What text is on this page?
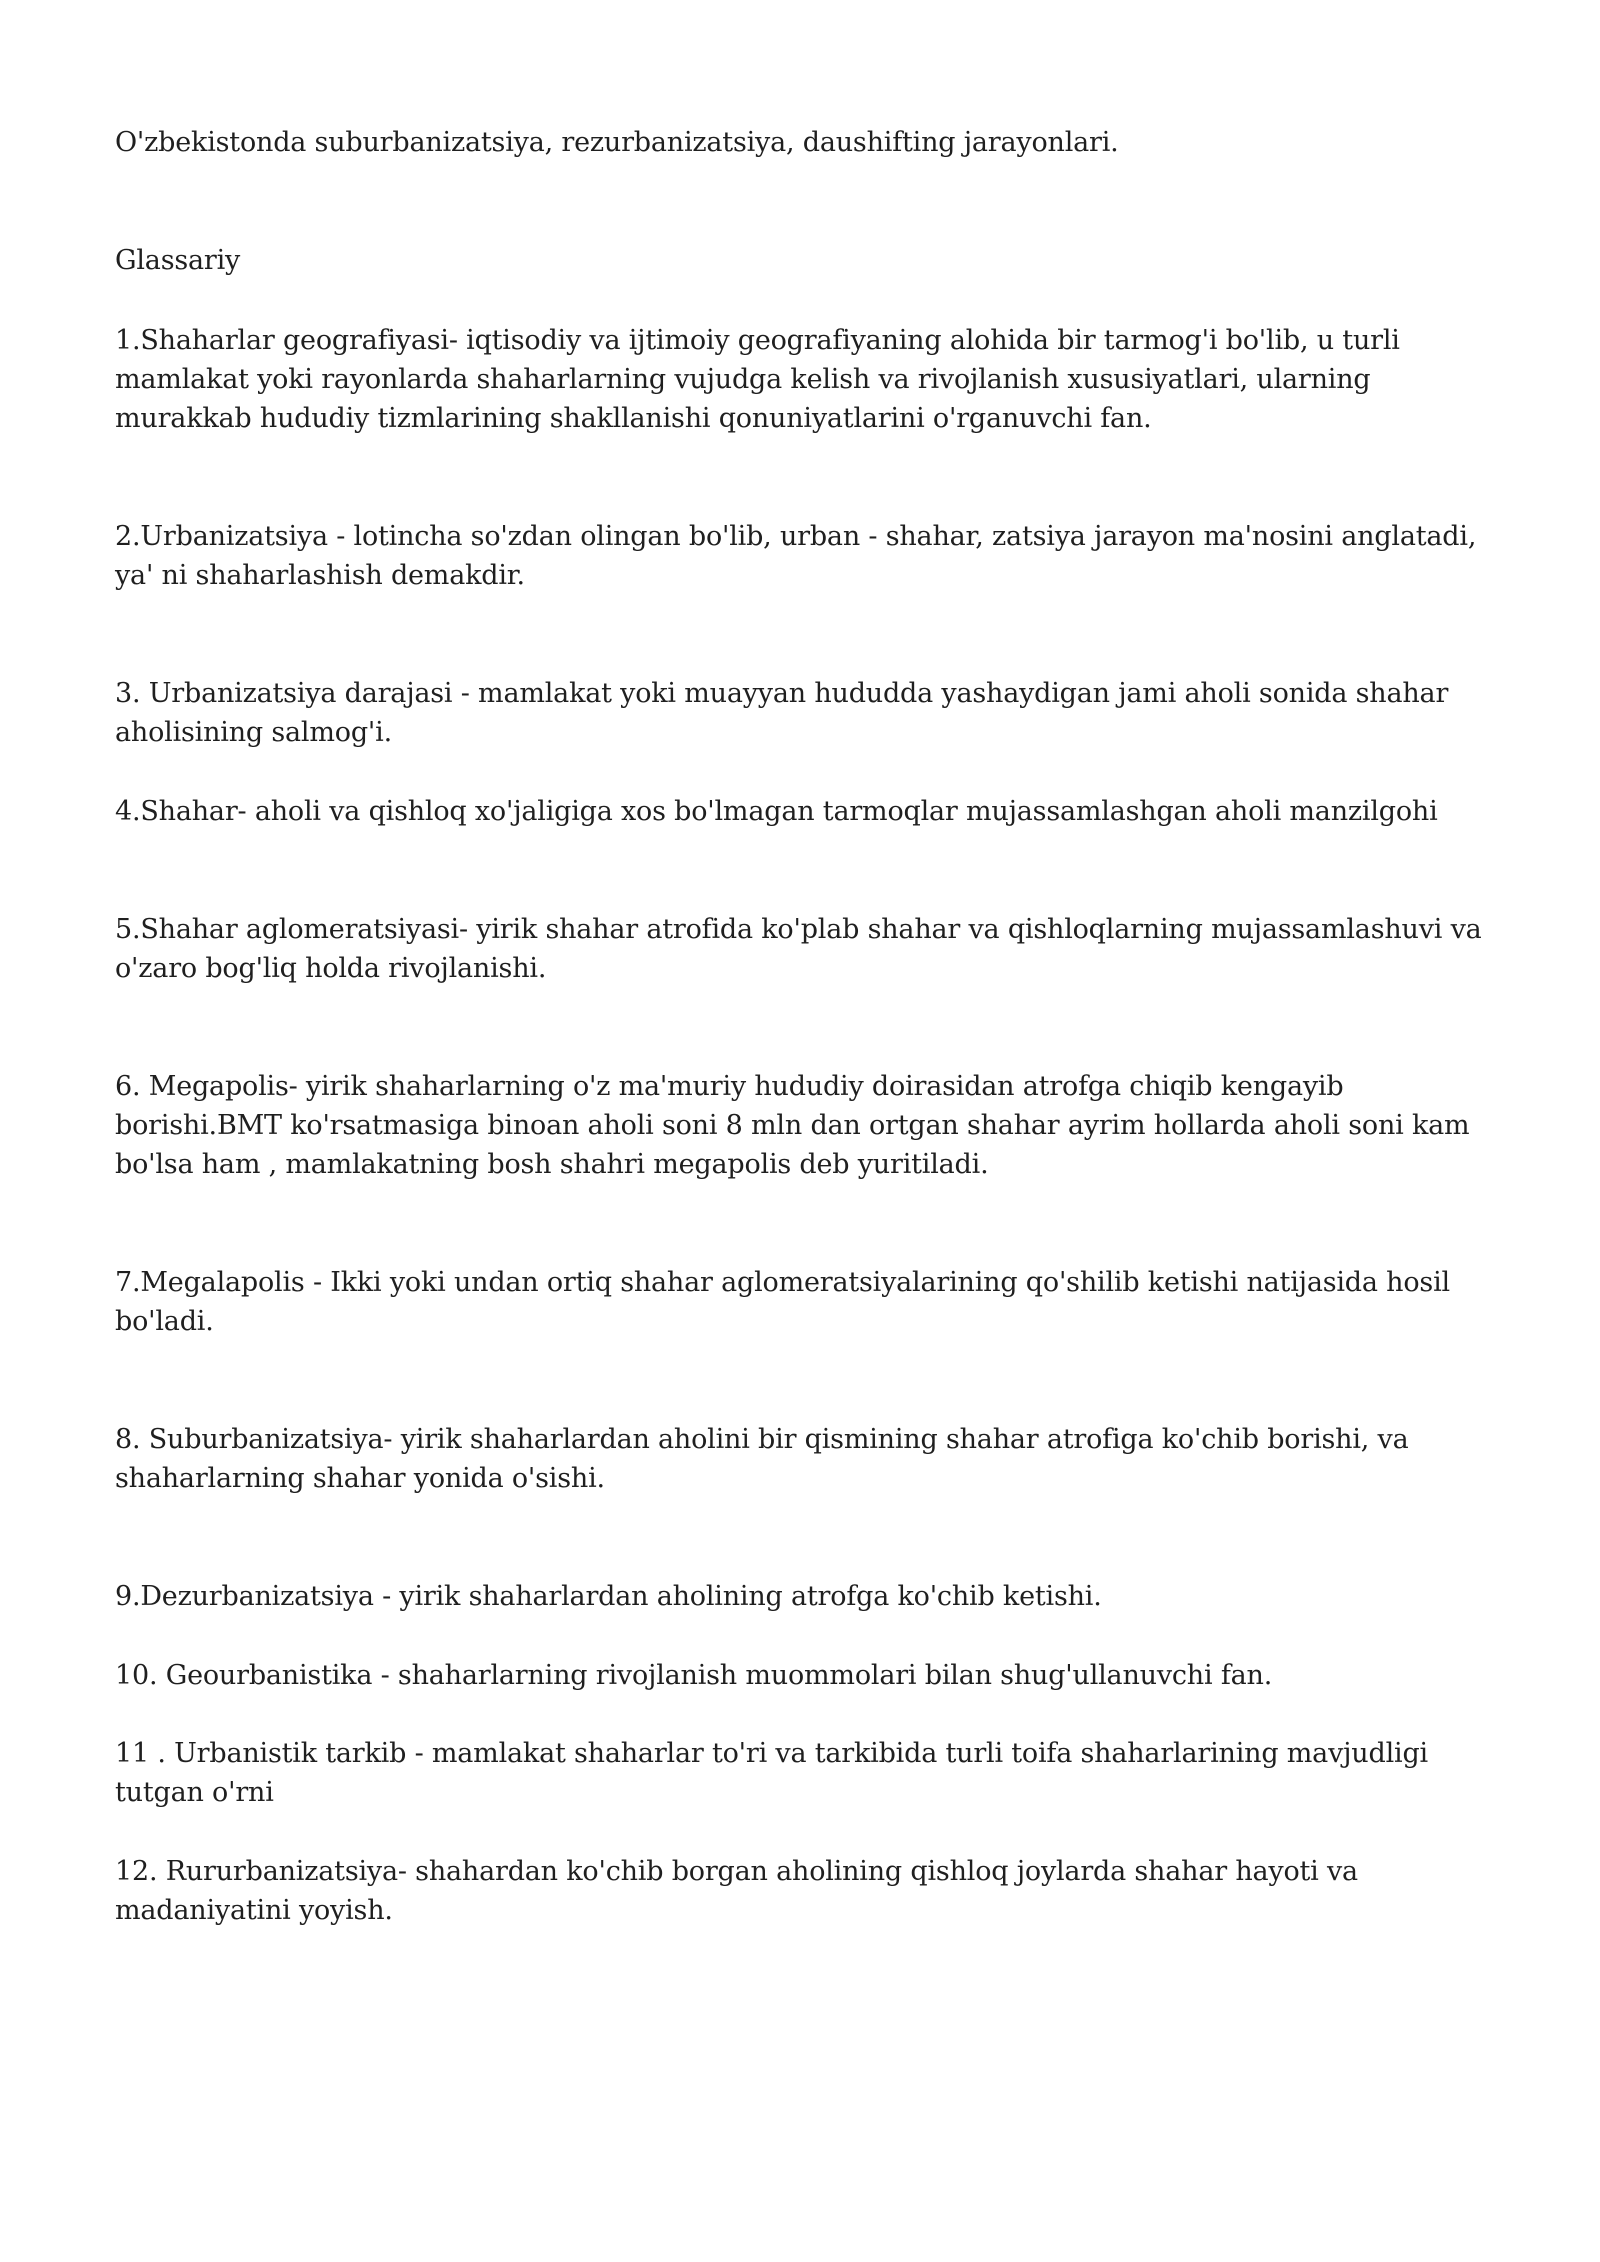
O'zbekistonda suburbanizatsiya, rezurbanizatsiya, daushifting jarayonlari.

Glassariy

1.Shaharlar geografiyasi- iqtisodiy va ijtimoiy geografiyaning alohida bir tarmog'i bo'lib, u turli

mamlakat yoki rayonlarda shaharlarning vujudga kelish va rivojlanish xususiyatlari, ularning

murakkab hududiy tizmlarining shakllanishi qonuniyatlarini o'rganuvchi fan.

2.Urbanizatsiya - lotincha so'zdan olingan bo'lib, urban - shahar, zatsiya jarayon ma'nosini anglatadi,

ya' ni shaharlashish demakdir.

3. Urbanizatsiya darajasi - mamlakat yoki muayyan hududda yashaydigan jami aholi sonida shahar

aholisining salmog'i.

4.Shahar- aholi va qishloq xo'jaligiga xos bo'lmagan tarmoqlar mujassamlashgan aholi manzilgohi

5.Shahar aglomeratsiyasi- yirik shahar atrofida ko'plab shahar va qishloqlarning mujassamlashuvi va

o'zaro bog'liq holda rivojlanishi.

6. Megapolis- yirik shaharlarning o'z ma'muriy hududiy doirasidan atrofga chiqib kengayib

borishi.BMT ko'rsatmasiga binoan aholi soni 8 mln dan ortgan shahar ayrim hollarda aholi soni kam

bo'lsa ham , mamlakatning bosh shahri megapolis deb yuritiladi.

7.Megalapolis - Ikki yoki undan ortiq shahar aglomeratsiyalarining qo'shilib ketishi natijasida hosil

bo'ladi.

8. Suburbanizatsiya- yirik shaharlardan aholini bir qismining shahar atrofiga ko'chib borishi, va

shaharlarning shahar yonida o'sishi.

9.Dezurbanizatsiya - yirik shaharlardan aholining atrofga ko'chib ketishi.

10. Geourbanistika - shaharlarning rivojlanish muommolari bilan shug'ullanuvchi fan.

11 . Urbanistik tarkib - mamlakat shaharlar to'ri va tarkibida turli toifa shaharlarining mavjudligi

tutgan o'rni

12. Rururbanizatsiya- shahardan ko'chib borgan aholining qishloq joylarda shahar hayoti va

madaniyatini yoyish.
